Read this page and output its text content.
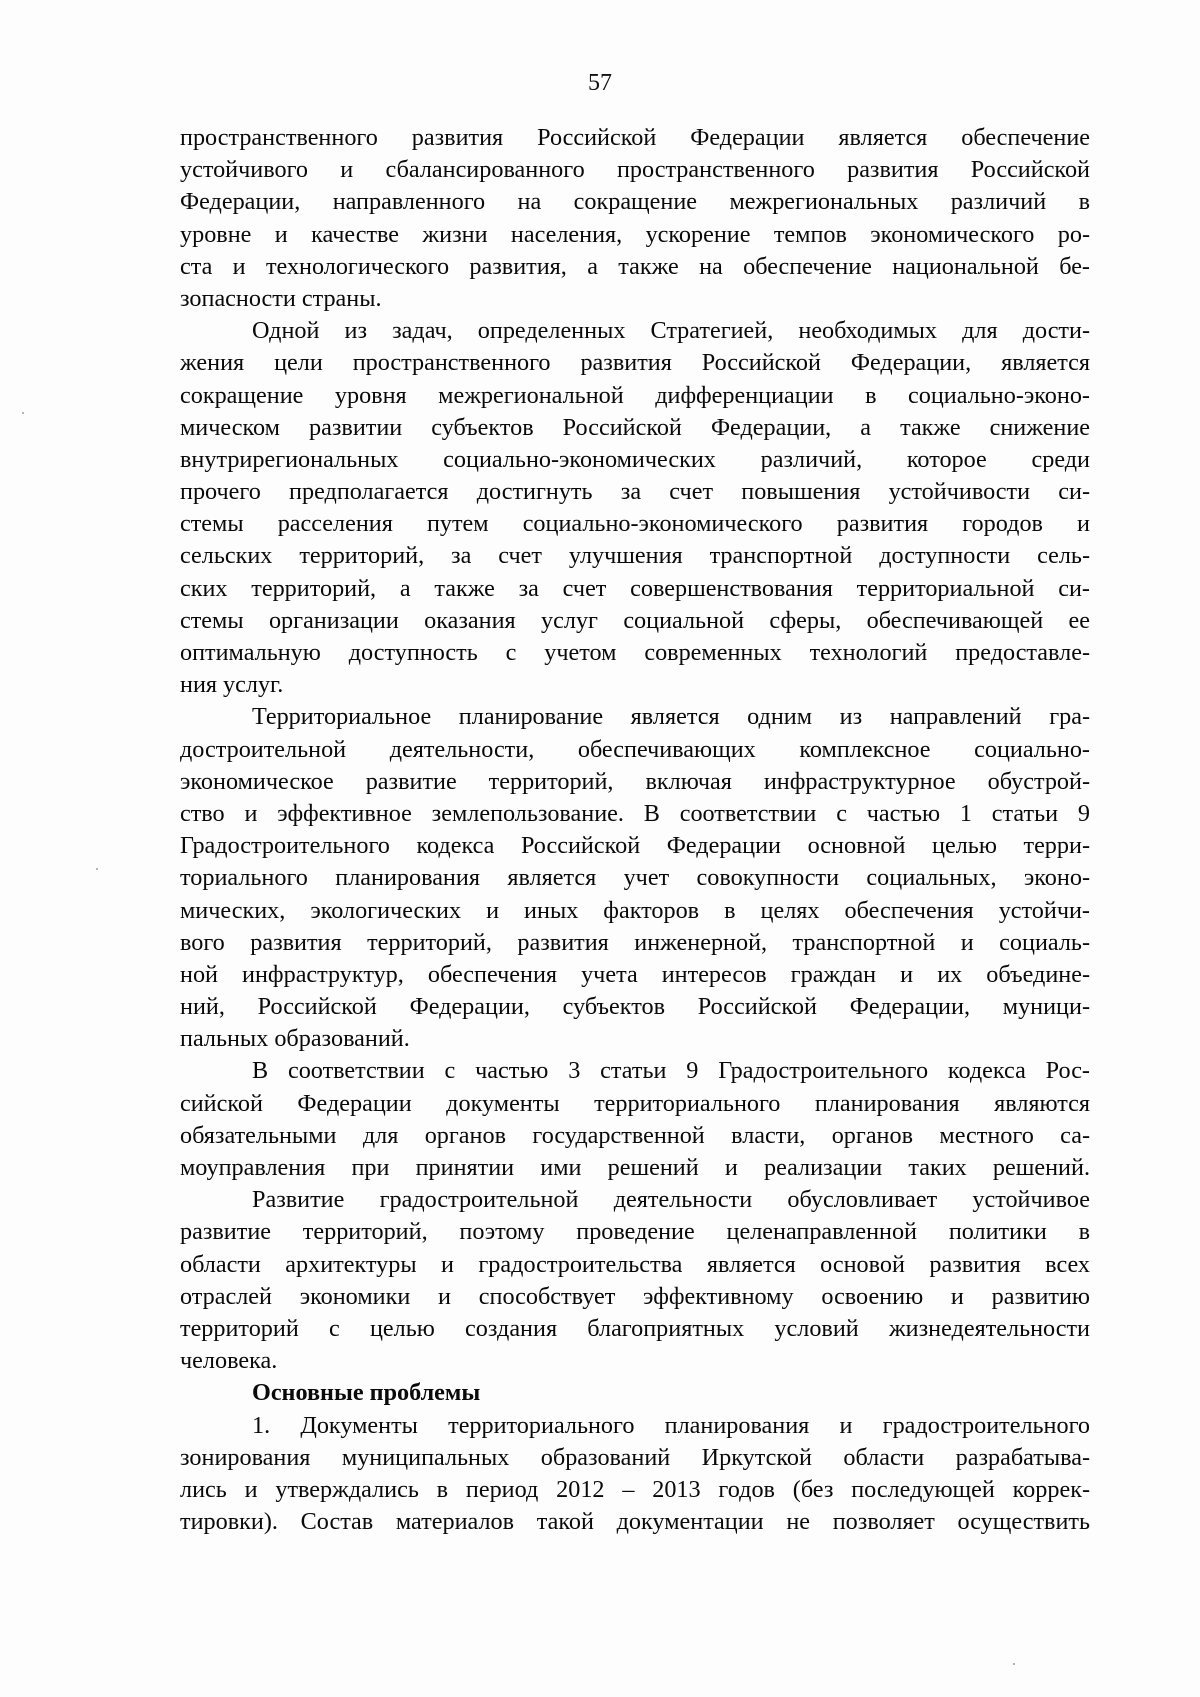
57
пространственного развития Российской Федерации является обеспечение
устойчивого и сбалансированного пространственного развития Российской
Федерации, направленного на сокращение межрегиональных различий в
уровне и качестве жизни населения, ускорение темпов экономического ро-
ста и технологического развития, а также на обеспечение национальной бе-
зопасности страны.
Одной из задач, определенных Стратегией, необходимых для дости-
жения цели пространственного развития Российской Федерации, является
сокращение уровня межрегиональной дифференциации в социально-эконо-
мическом развитии субъектов Российской Федерации, а также снижение
внутрирегиональных социально-экономических различий, которое среди
прочего предполагается достигнуть за счет повышения устойчивости си-
стемы расселения путем социально-экономического развития городов и
сельских территорий, за счет улучшения транспортной доступности сель-
ских территорий, а также за счет совершенствования территориальной си-
стемы организации оказания услуг социальной сферы, обеспечивающей ее
оптимальную доступность с учетом современных технологий предоставле-
ния услуг.
Территориальное планирование является одним из направлений гра-
достроительной деятельности, обеспечивающих комплексное социально-
экономическое развитие территорий, включая инфраструктурное обустрой-
ство и эффективное землепользование. В соответствии с частью 1 статьи 9
Градостроительного кодекса Российской Федерации основной целью терри-
ториального планирования является учет совокупности социальных, эконо-
мических, экологических и иных факторов в целях обеспечения устойчи-
вого развития территорий, развития инженерной, транспортной и социаль-
ной инфраструктур, обеспечения учета интересов граждан и их объедине-
ний, Российской Федерации, субъектов Российской Федерации, муници-
пальных образований.
В соответствии с частью 3 статьи 9 Градостроительного кодекса Рос-
сийской Федерации документы территориального планирования являются
обязательными для органов государственной власти, органов местного са-
моуправления при принятии ими решений и реализации таких решений.
Развитие градостроительной деятельности обусловливает устойчивое
развитие территорий, поэтому проведение целенаправленной политики в
области архитектуры и градостроительства является основой развития всех
отраслей экономики и способствует эффективному освоению и развитию
территорий с целью создания благоприятных условий жизнедеятельности
человека.
Основные проблемы
1. Документы территориального планирования и градостроительного
зонирования муниципальных образований Иркутской области разрабатыва-
лись и утверждались в период 2012 – 2013 годов (без последующей коррек-
тировки). Состав материалов такой документации не позволяет осуществить
